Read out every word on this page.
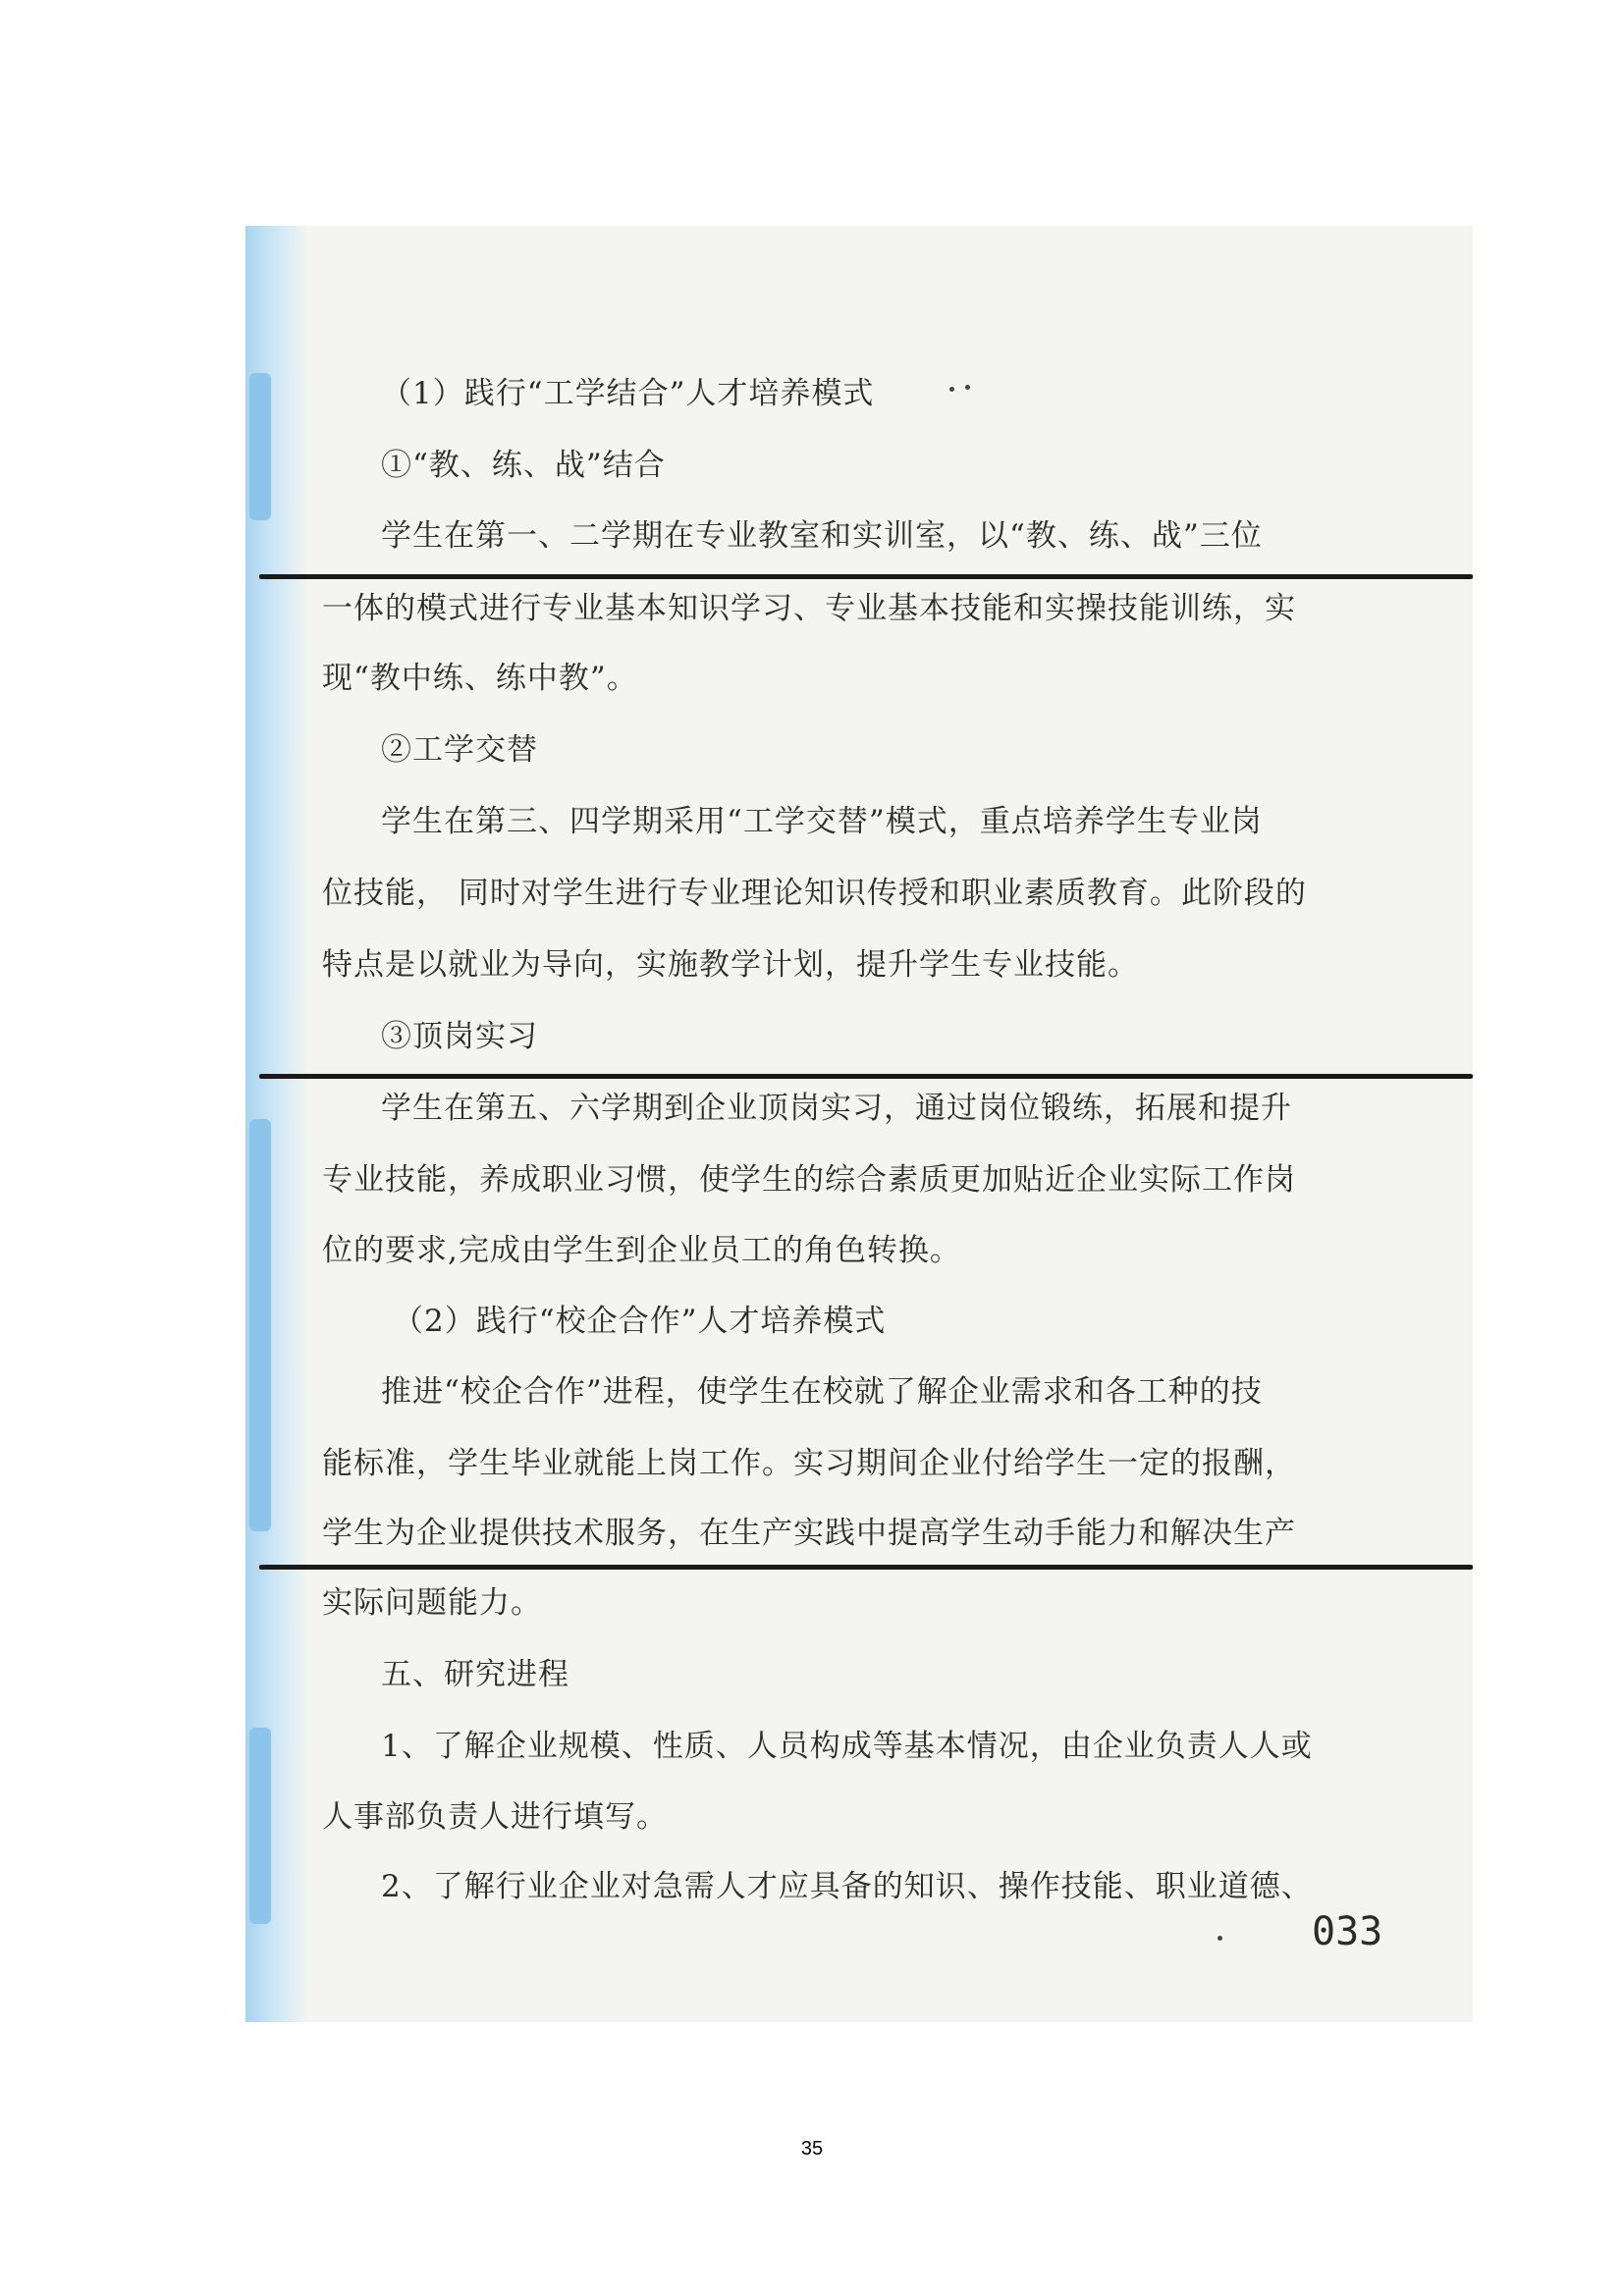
（1）践行“工学结合”人才培养模式
①“教、练、战”结合
学生在第一、二学期在专业教室和实训室，以“教、练、战”三位
一体的模式进行专业基本知识学习、专业基本技能和实操技能训练，实
现“教中练、练中教”。
②工学交替
学生在第三、四学期采用“工学交替”模式，重点培养学生专业岗
位技能， 同时对学生进行专业理论知识传授和职业素质教育。此阶段的
特点是以就业为导向，实施教学计划，提升学生专业技能。
③顶岗实习
学生在第五、六学期到企业顶岗实习，通过岗位锻练，拓展和提升
专业技能，养成职业习惯，使学生的综合素质更加贴近企业实际工作岗
位的要求,完成由学生到企业员工的角色转换。
（2）践行“校企合作”人才培养模式
推进“校企合作”进程，使学生在校就了解企业需求和各工种的技
能标准，学生毕业就能上岗工作。实习期间企业付给学生一定的报酬，
学生为企业提供技术服务，在生产实践中提高学生动手能力和解决生产
实际问题能力。
五、研究进程
1、了解企业规模、性质、人员构成等基本情况，由企业负责人人或
人事部负责人进行填写。
2、了解行业企业对急需人才应具备的知识、操作技能、职业道德、
033
35
